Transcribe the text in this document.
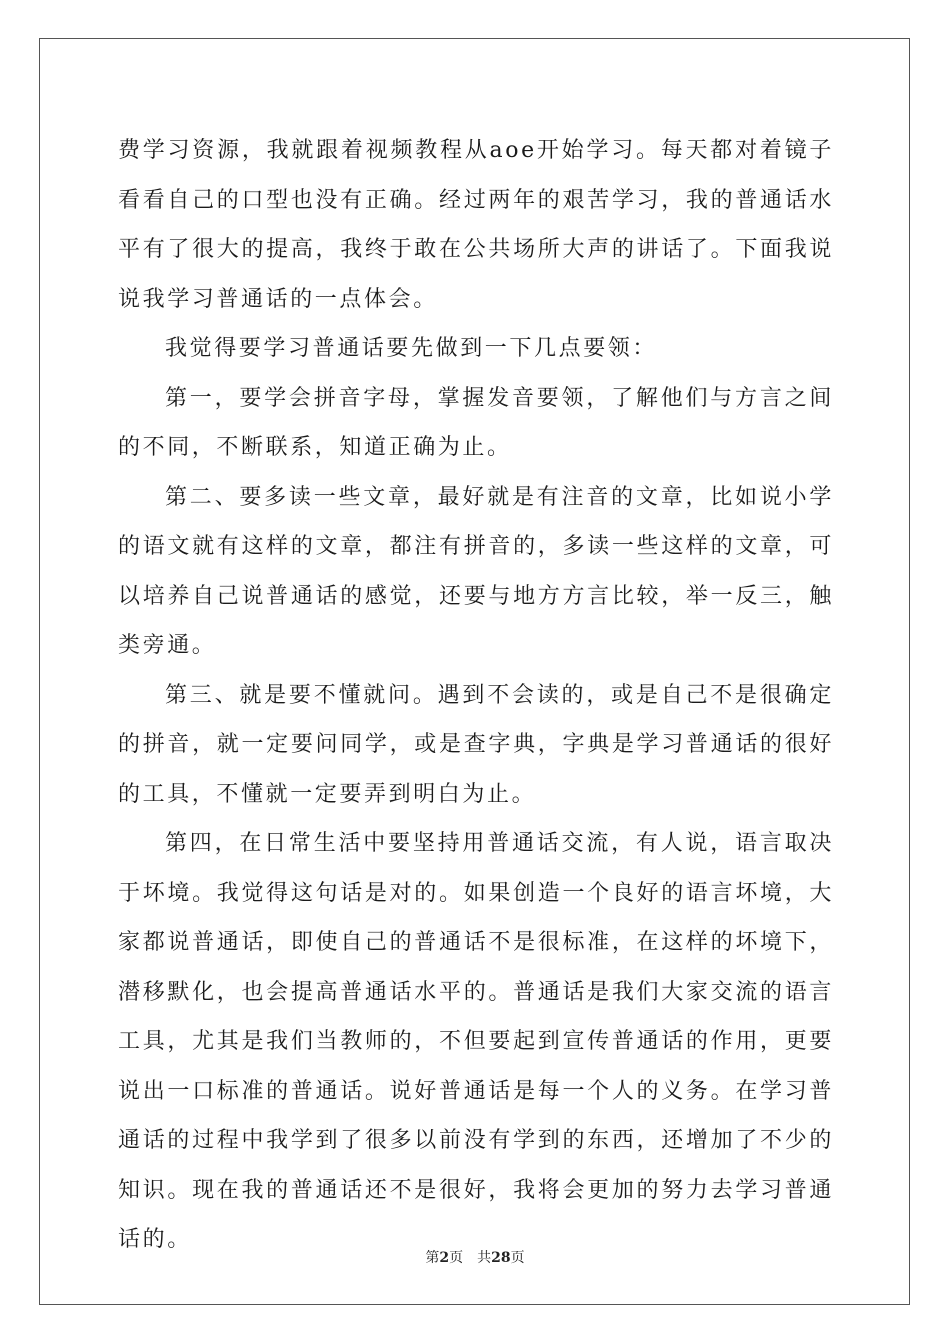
费学习资源，我就跟着视频教程从aoe开始学习。每天都对着镜子看看自己的口型也没有正确。经过两年的艰苦学习，我的普通话水平有了很大的提高，我终于敢在公共场所大声的讲话了。下面我说说我学习普通话的一点体会。

我觉得要学习普通话要先做到一下几点要领：

第一，要学会拼音字母，掌握发音要领，了解他们与方言之间的不同，不断联系，知道正确为止。

第二、要多读一些文章，最好就是有注音的文章，比如说小学的语文就有这样的文章，都注有拼音的，多读一些这样的文章，可以培养自己说普通话的感觉，还要与地方方言比较，举一反三，触类旁通。

第三、就是要不懂就问。遇到不会读的，或是自己不是很确定的拼音，就一定要问同学，或是查字典，字典是学习普通话的很好的工具，不懂就一定要弄到明白为止。

第四，在日常生活中要坚持用普通话交流，有人说，语言取决于坏境。我觉得这句话是对的。如果创造一个良好的语言坏境，大家都说普通话，即使自己的普通话不是很标准，在这样的坏境下，潜移默化，也会提高普通话水平的。普通话是我们大家交流的语言工具，尤其是我们当教师的，不但要起到宣传普通话的作用，更要说出一口标准的普通话。说好普通话是每一个人的义务。在学习普通话的过程中我学到了很多以前没有学到的东西，还增加了不少的知识。现在我的普通话还不是很好，我将会更加的努力去学习普通话的。

第2页 共28页
